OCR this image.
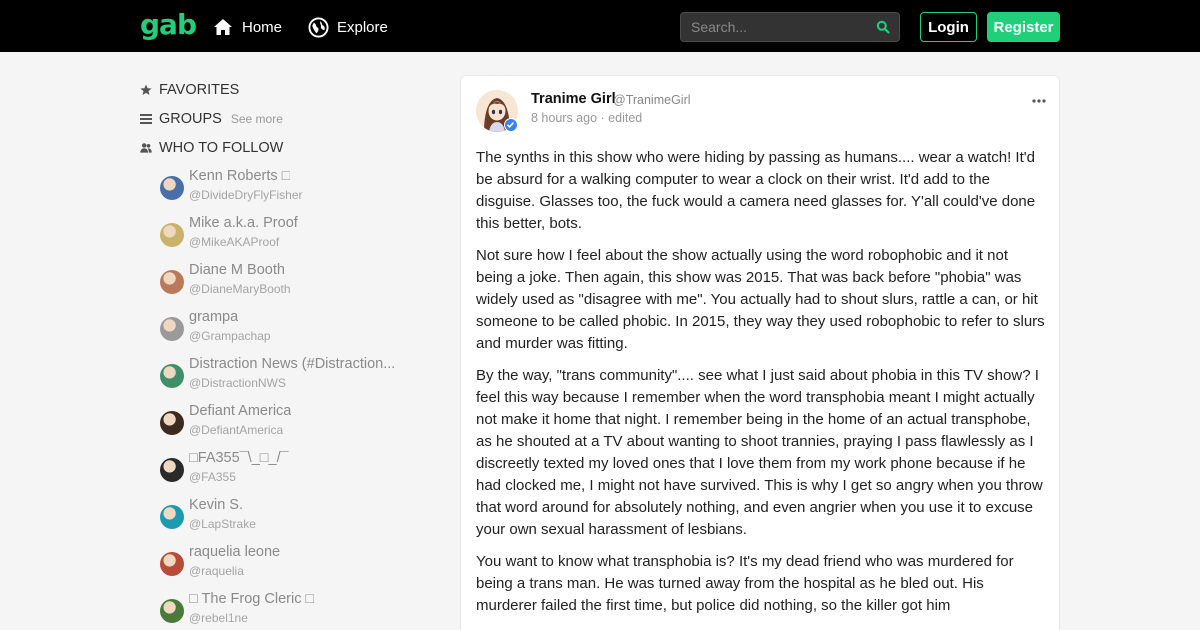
gab	Home	Explore
Search...	Login	Register
FAVORITES
GROUPS See more
WHO TO FOLLOW
Kenn Roberts □
@DivideDryFlyFisher
Mike a.k.a. Proof
@MikeAKAProof
Diane M Booth
@DianeMaryBooth
grampa
@Grampachap
Distraction News (#Distraction...
@DistractionNWS
Defiant America
@DefiantAmerica
□FA355¯\_□_/¯
@FA355
Kevin S.
@LapStrake
raquelia leone
@raquelia
□ The Frog Cleric □
@rebel1ne
Tranime Girl
@TranimeGirl
8 hours ago · edited

The synths in this show who were hiding by passing as humans.... wear a watch! It'd be absurd for a walking computer to wear a clock on their wrist. It'd add to the disguise. Glasses too, the fuck would a camera need glasses for. Y'all could've done this better, bots.

Not sure how I feel about the show actually using the word robophobic and it not being a joke. Then again, this show was 2015. That was back before "phobia" was widely used as "disagree with me". You actually had to shout slurs, rattle a can, or hit someone to be called phobic. In 2015, they way they used robophobic to refer to slurs and murder was fitting.

By the way, "trans community".... see what I just said about phobia in this TV show? I feel this way because I remember when the word transphobia meant I might actually not make it home that night. I remember being in the home of an actual transphobe, as he shouted at a TV about wanting to shoot trannies, praying I pass flawlessly as I discreetly texted my loved ones that I love them from my work phone because if he had clocked me, I might not have survived. This is why I get so angry when you throw that word around for absolutely nothing, and even angrier when you use it to excuse your own sexual harassment of lesbians.

You want to know what transphobia is? It's my dead friend who was murdered for being a trans man. He was turned away from the hospital as he bled out. His murderer failed the first time, but police did nothing, so the killer got him
